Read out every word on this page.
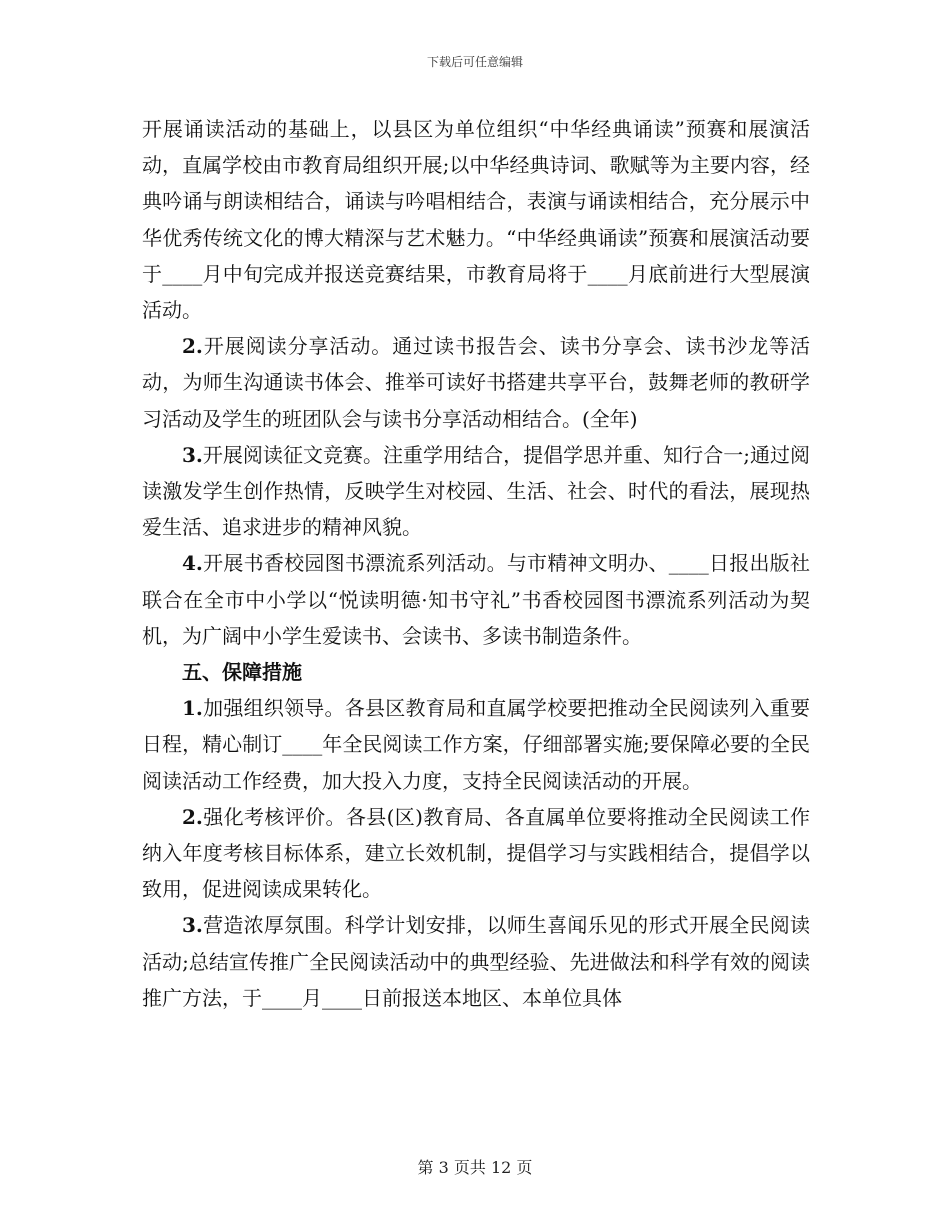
下载后可任意编辑

开展诵读活动的基础上，以县区为单位组织“中华经典诵读”预赛和展演活动，直属学校由市教育局组织开展;以中华经典诗词、歌赋等为主要内容，经典吟诵与朗读相结合，诵读与吟唱相结合，表演与诵读相结合，充分展示中华优秀传统文化的博大精深与艺术魅力。“中华经典诵读”预赛和展演活动要于____月中旬完成并报送竞赛结果，市教育局将于____月底前进行大型展演活动。

2.开展阅读分享活动。通过读书报告会、读书分享会、读书沙龙等活动，为师生沟通读书体会、推举可读好书搭建共享平台，鼓舞老师的教研学习活动及学生的班团队会与读书分享活动相结合。(全年)

3.开展阅读征文竞赛。注重学用结合，提倡学思并重、知行合一;通过阅读激发学生创作热情，反映学生对校园、生活、社会、时代的看法，展现热爱生活、追求进步的精神风貌。

4.开展书香校园图书漂流系列活动。与市精神文明办、____日报出版社联合在全市中小学以“悦读明德·知书守礼”书香校园图书漂流系列活动为契机，为广阔中小学生爱读书、会读书、多读书制造条件。

五、保障措施

1.加强组织领导。各县区教育局和直属学校要把推动全民阅读列入重要日程，精心制订____年全民阅读工作方案，仔细部署实施;要保障必要的全民阅读活动工作经费，加大投入力度，支持全民阅读活动的开展。

2.强化考核评价。各县(区)教育局、各直属单位要将推动全民阅读工作纳入年度考核目标体系，建立长效机制，提倡学习与实践相结合，提倡学以致用，促进阅读成果转化。

3.营造浓厚氛围。科学计划安排，以师生喜闻乐见的形式开展全民阅读活动;总结宣传推广全民阅读活动中的典型经验、先进做法和科学有效的阅读推广方法，于____月____日前报送本地区、本单位具体

第 3 页共 12 页
